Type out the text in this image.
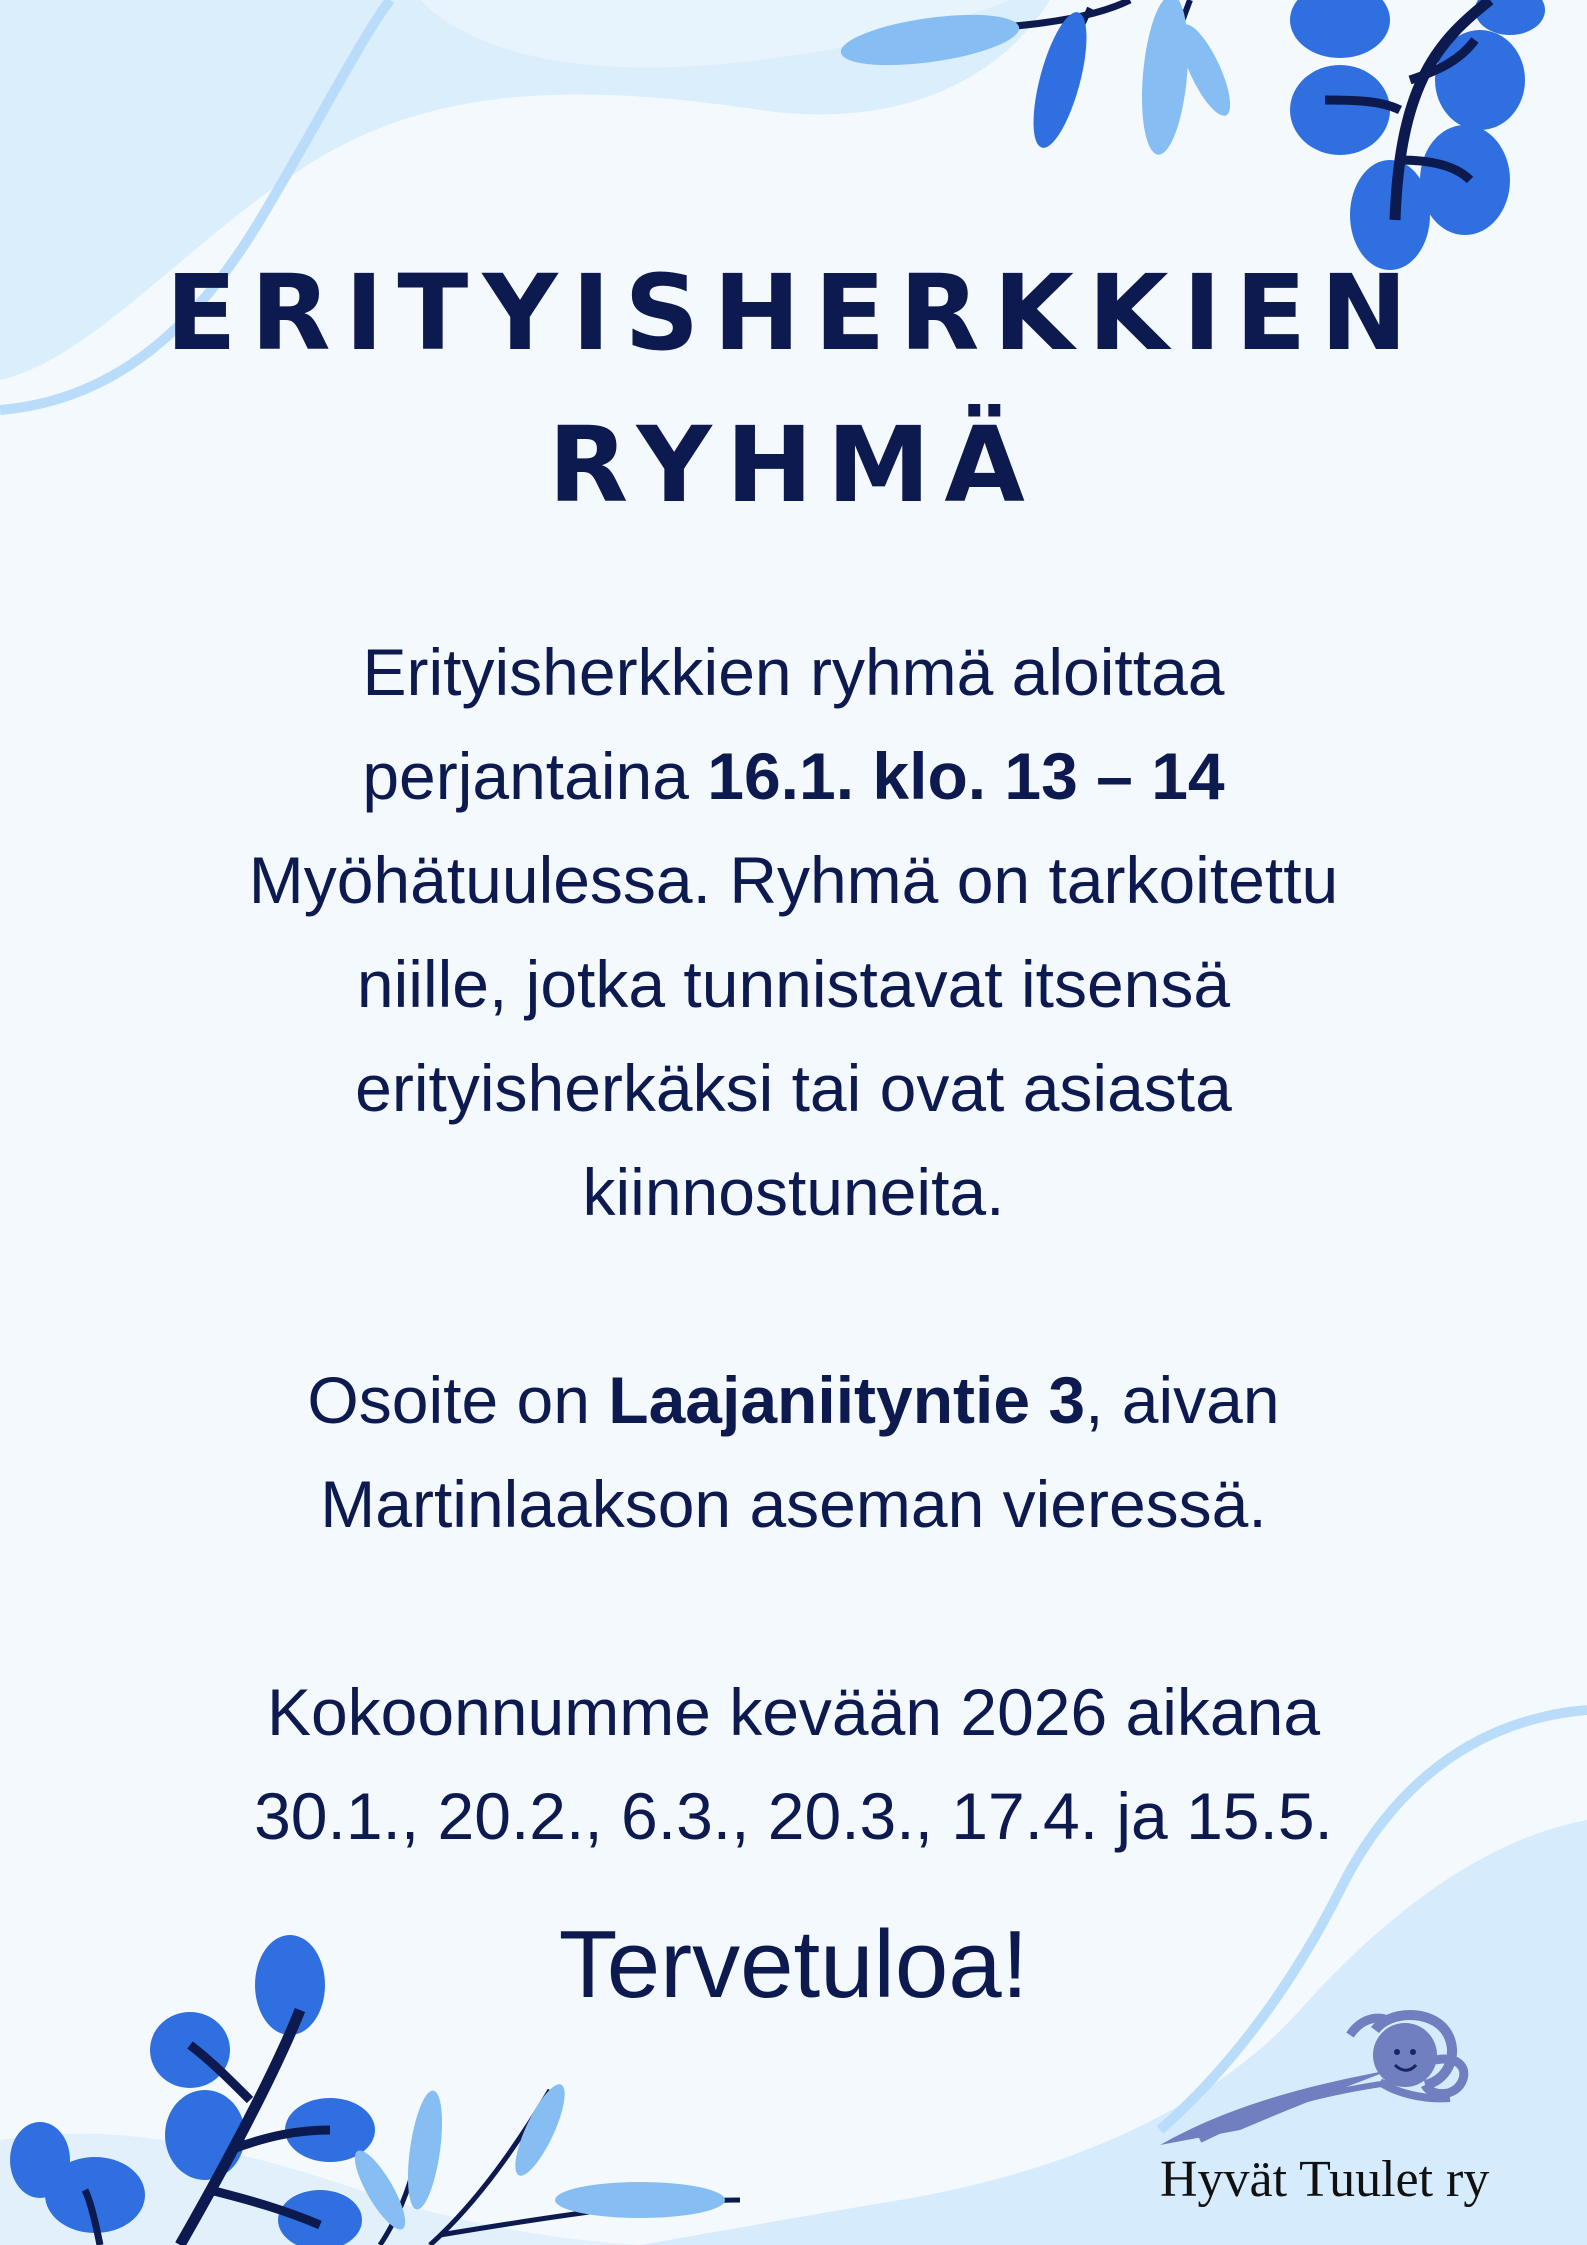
ERITYISHERKKIEN
RYHMÄ
Erityisherkkien ryhmä aloittaa
perjantaina 16.1. klo. 13 – 14
Myöhätuulessa. Ryhmä on tarkoitettu
niille, jotka tunnistavat itsensä
erityisherkäksi tai ovat asiasta
kiinnostuneita.
Osoite on Laajaniityntie 3, aivan
Martinlaakson aseman vieressä.
Kokoonnumme kevään 2026 aikana
30.1., 20.2., 6.3., 20.3., 17.4. ja 15.5.
Tervetuloa!
Hyvät Tuulet ry
